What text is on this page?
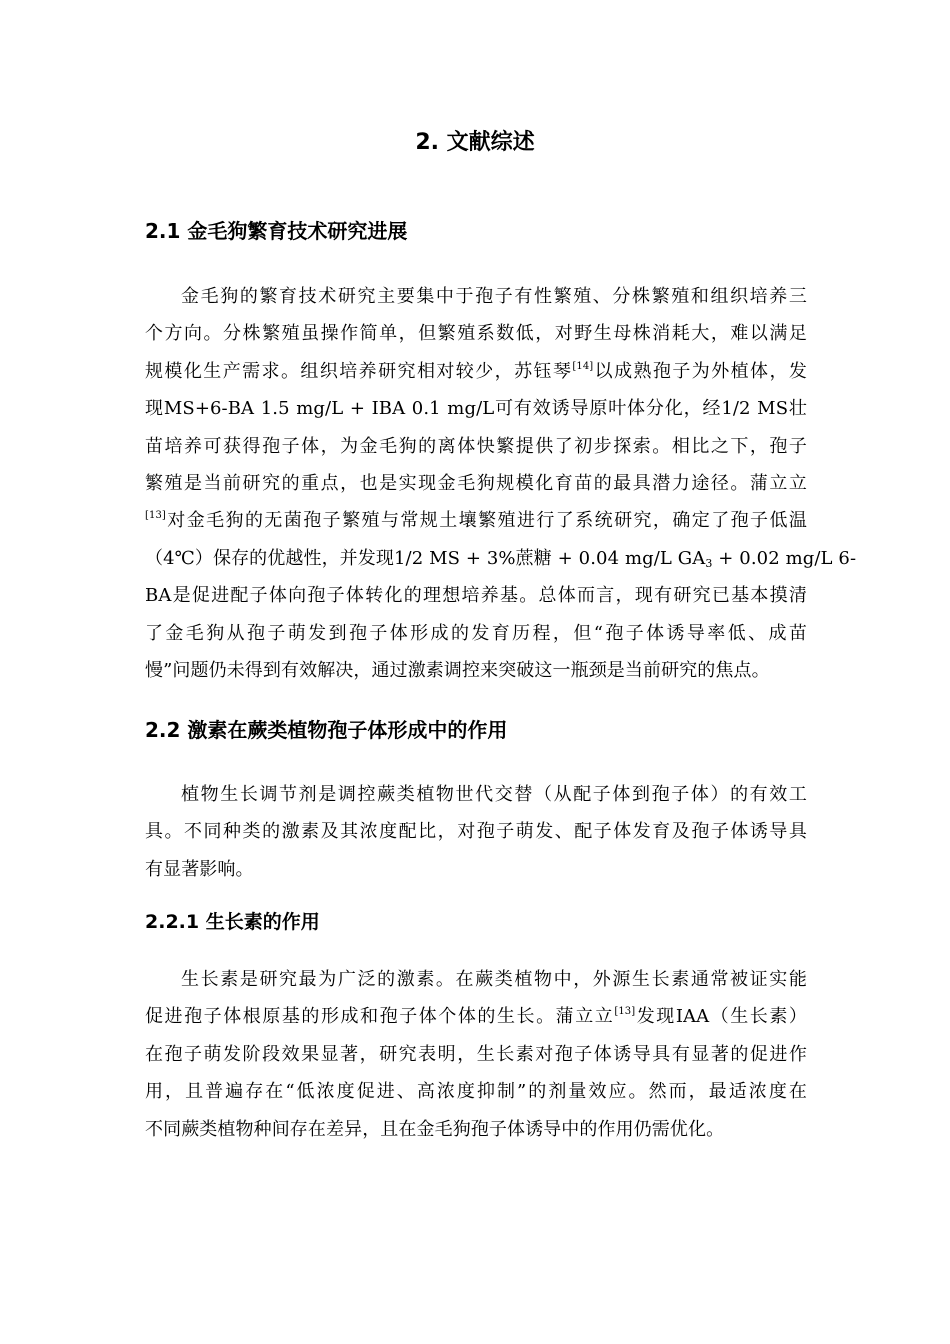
2. 文献综述
2.1 金毛狗繁育技术研究进展
金毛狗的繁育技术研究主要集中于孢子有性繁殖、分株繁殖和组织培养三
个方向。分株繁殖虽操作简单，但繁殖系数低，对野生母株消耗大，难以满足
规模化生产需求。组织培养研究相对较少，苏钰琴[14]以成熟孢子为外植体，发
现MS+6-BA 1.5 mg/L + IBA 0.1 mg/L可有效诱导原叶体分化，经1/2 MS壮
苗培养可获得孢子体，为金毛狗的离体快繁提供了初步探索。相比之下，孢子
繁殖是当前研究的重点，也是实现金毛狗规模化育苗的最具潜力途径。蒲立立
[13]对金毛狗的无菌孢子繁殖与常规土壤繁殖进行了系统研究，确定了孢子低温
（4℃）保存的优越性，并发现1/2 MS + 3%蔗糖 + 0.04 mg/L $GA_3 + 0.02$ mg/L 6-
BA是促进配子体向孢子体转化的理想培养基。总体而言，现有研究已基本摸清
了金毛狗从孢子萌发到孢子体形成的发育历程，但“孢子体诱导率低、成苗
慢”问题仍未得到有效解决，通过激素调控来突破这一瓶颈是当前研究的焦点。
2.2 激素在蕨类植物孢子体形成中的作用
植物生长调节剂是调控蕨类植物世代交替（从配子体到孢子体）的有效工
具。不同种类的激素及其浓度配比，对孢子萌发、配子体发育及孢子体诱导具
有显著影响。
2.2.1 生长素的作用
生长素是研究最为广泛的激素。在蕨类植物中，外源生长素通常被证实能
促进孢子体根原基的形成和孢子体个体的生长。蒲立立[13]发现IAA（生长素）
在孢子萌发阶段效果显著，研究表明，生长素对孢子体诱导具有显著的促进作
用，且普遍存在“低浓度促进、高浓度抑制”的剂量效应。然而，最适浓度在
不同蕨类植物种间存在差异，且在金毛狗孢子体诱导中的作用仍需优化。
